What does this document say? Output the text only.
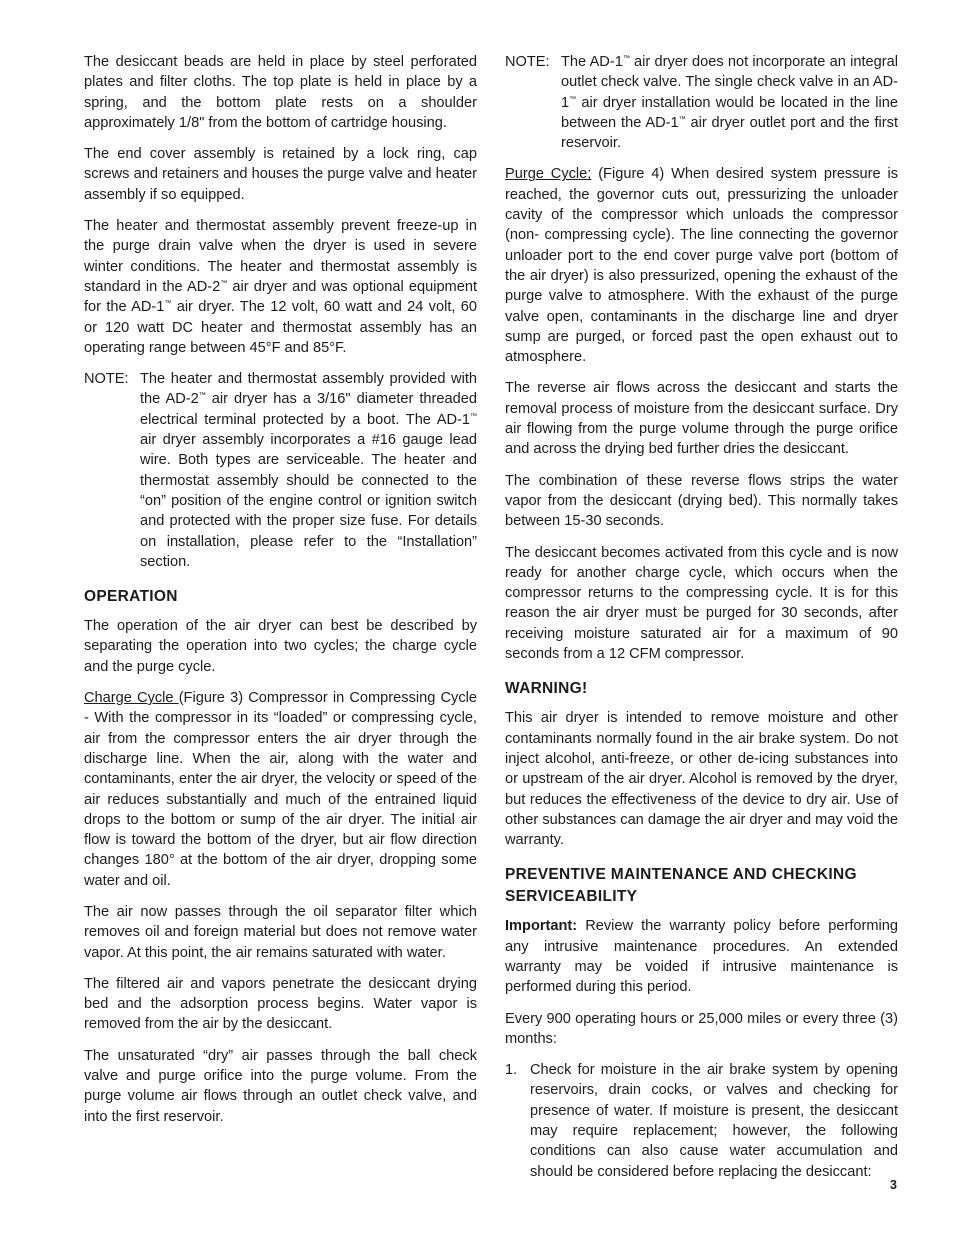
The desiccant beads are held in place by steel perforated plates and filter cloths. The top plate is held in place by a spring, and the bottom plate rests on a shoulder approximately 1/8" from the bottom of cartridge housing.

The end cover assembly is retained by a lock ring, cap screws and retainers and houses the purge valve and heater assembly if so equipped.

The heater and thermostat assembly prevent freeze-up in the purge drain valve when the dryer is used in severe winter conditions. The heater and thermostat assembly is standard in the AD-2™ air dryer and was optional equipment for the AD-1™ air dryer. The 12 volt, 60 watt and 24 volt, 60 or 120 watt DC heater and thermostat assembly has an operating range between 45°F and 85°F.

NOTE: The heater and thermostat assembly provided with the AD-2™ air dryer has a 3/16" diameter threaded electrical terminal protected by a boot. The AD-1™ air dryer assembly incorporates a #16 gauge lead wire. Both types are serviceable. The heater and thermostat assembly should be connected to the “on” position of the engine control or ignition switch and protected with the proper size fuse. For details on installation, please refer to the “Installation” section.
OPERATION

The operation of the air dryer can best be described by separating the operation into two cycles; the charge cycle and the purge cycle.

Charge Cycle (Figure 3) Compressor in Compressing Cycle - With the compressor in its “loaded” or compressing cycle, air from the compressor enters the air dryer through the discharge line. When the air, along with the water and contaminants, enter the air dryer, the velocity or speed of the air reduces substantially and much of the entrained liquid drops to the bottom or sump of the air dryer. The initial air flow is toward the bottom of the dryer, but air flow direction changes 180° at the bottom of the air dryer, dropping some water and oil.

The air now passes through the oil separator filter which removes oil and foreign material but does not remove water vapor. At this point, the air remains saturated with water.

The filtered air and vapors penetrate the desiccant drying bed and the adsorption process begins. Water vapor is removed from the air by the desiccant.

The unsaturated “dry” air passes through the ball check valve and purge orifice into the purge volume. From the purge volume air flows through an outlet check valve, and into the first reservoir.

NOTE: The AD-1™ air dryer does not incorporate an integral outlet check valve. The single check valve in an AD-1™ air dryer installation would be located in the line between the AD-1™ air dryer outlet port and the first reservoir.

Purge Cycle; (Figure 4) When desired system pressure is reached, the governor cuts out, pressurizing the unloader cavity of the compressor which unloads the compressor (non- compressing cycle). The line connecting the governor unloader port to the end cover purge valve port (bottom of the air dryer) is also pressurized, opening the exhaust of the purge valve to atmosphere. With the exhaust of the purge valve open, contaminants in the discharge line and dryer sump are purged, or forced past the open exhaust out to atmosphere.

The reverse air flows across the desiccant and starts the removal process of moisture from the desiccant surface. Dry air flowing from the purge volume through the purge orifice and across the drying bed further dries the desiccant.

The combination of these reverse flows strips the water vapor from the desiccant (drying bed). This normally takes between 15-30 seconds.

The desiccant becomes activated from this cycle and is now ready for another charge cycle, which occurs when the compressor returns to the compressing cycle. It is for this reason the air dryer must be purged for 30 seconds, after receiving moisture saturated air for a maximum of 90 seconds from a 12 CFM compressor.

WARNING!

This air dryer is intended to remove moisture and other contaminants normally found in the air brake system. Do not inject alcohol, anti-freeze, or other de-icing substances into or upstream of the air dryer. Alcohol is removed by the dryer, but reduces the effectiveness of the device to dry air. Use of other substances can damage the air dryer and may void the warranty.

PREVENTIVE MAINTENANCE AND CHECKING SERVICEABILITY

Important: Review the warranty policy before performing any intrusive maintenance procedures. An extended warranty may be voided if intrusive maintenance is performed during this period.

Every 900 operating hours or 25,000 miles or every three (3) months:

1. Check for moisture in the air brake system by opening reservoirs, drain cocks, or valves and checking for presence of water. If moisture is present, the desiccant may require replacement; however, the following conditions can also cause water accumulation and should be considered before replacing the desiccant:
3
